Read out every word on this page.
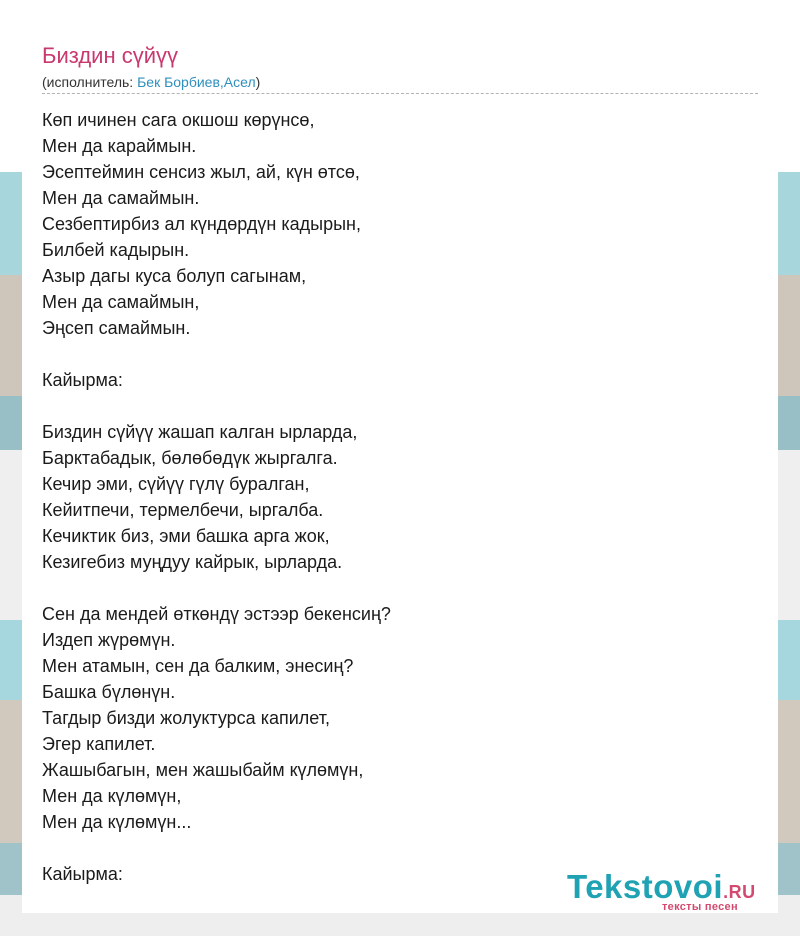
Биздин сүйүү
(исполнитель: Бек Борбиев,Асел)
Көп ичинен сага окшош көрүнсө,
Мен да караймын.
Эсептеймин сенсиз жыл, ай, күн өтсө,
Мен да самаймын.
Сезбептирбиз ал күндөрдүн кадырын,
Билбей кадырын.
Азыр дагы куса болуп сагынам,
Мен да самаймын,
Эңсеп самаймын.
Кайырма:
Биздин сүйүү жашап калган ырларда,
Барктабадык, бөлөбөдүк жыргалга.
Кечир эми, сүйүү гүлү буралган,
Кейитпечи, термелбечи, ыргалба.
Кечиктик биз, эми башка арга жок,
Кезигебиз муңдуу кайрык, ырларда.
Сен да мендей өткөндү эстээр бекенсиң?
Издеп жүрөмүн.
Мен атамын, сен да балким, энесиң?
Башка бүлөнүн.
Тагдыр бизди жолуктурса капилет,
Эгер капилет.
Жашыбагын, мен жашыбайм күлөмүн,
Мен да күлөмүн,
Мен да күлөмүн...
Кайырма:	Tekstovoi.RU
тексты песен
